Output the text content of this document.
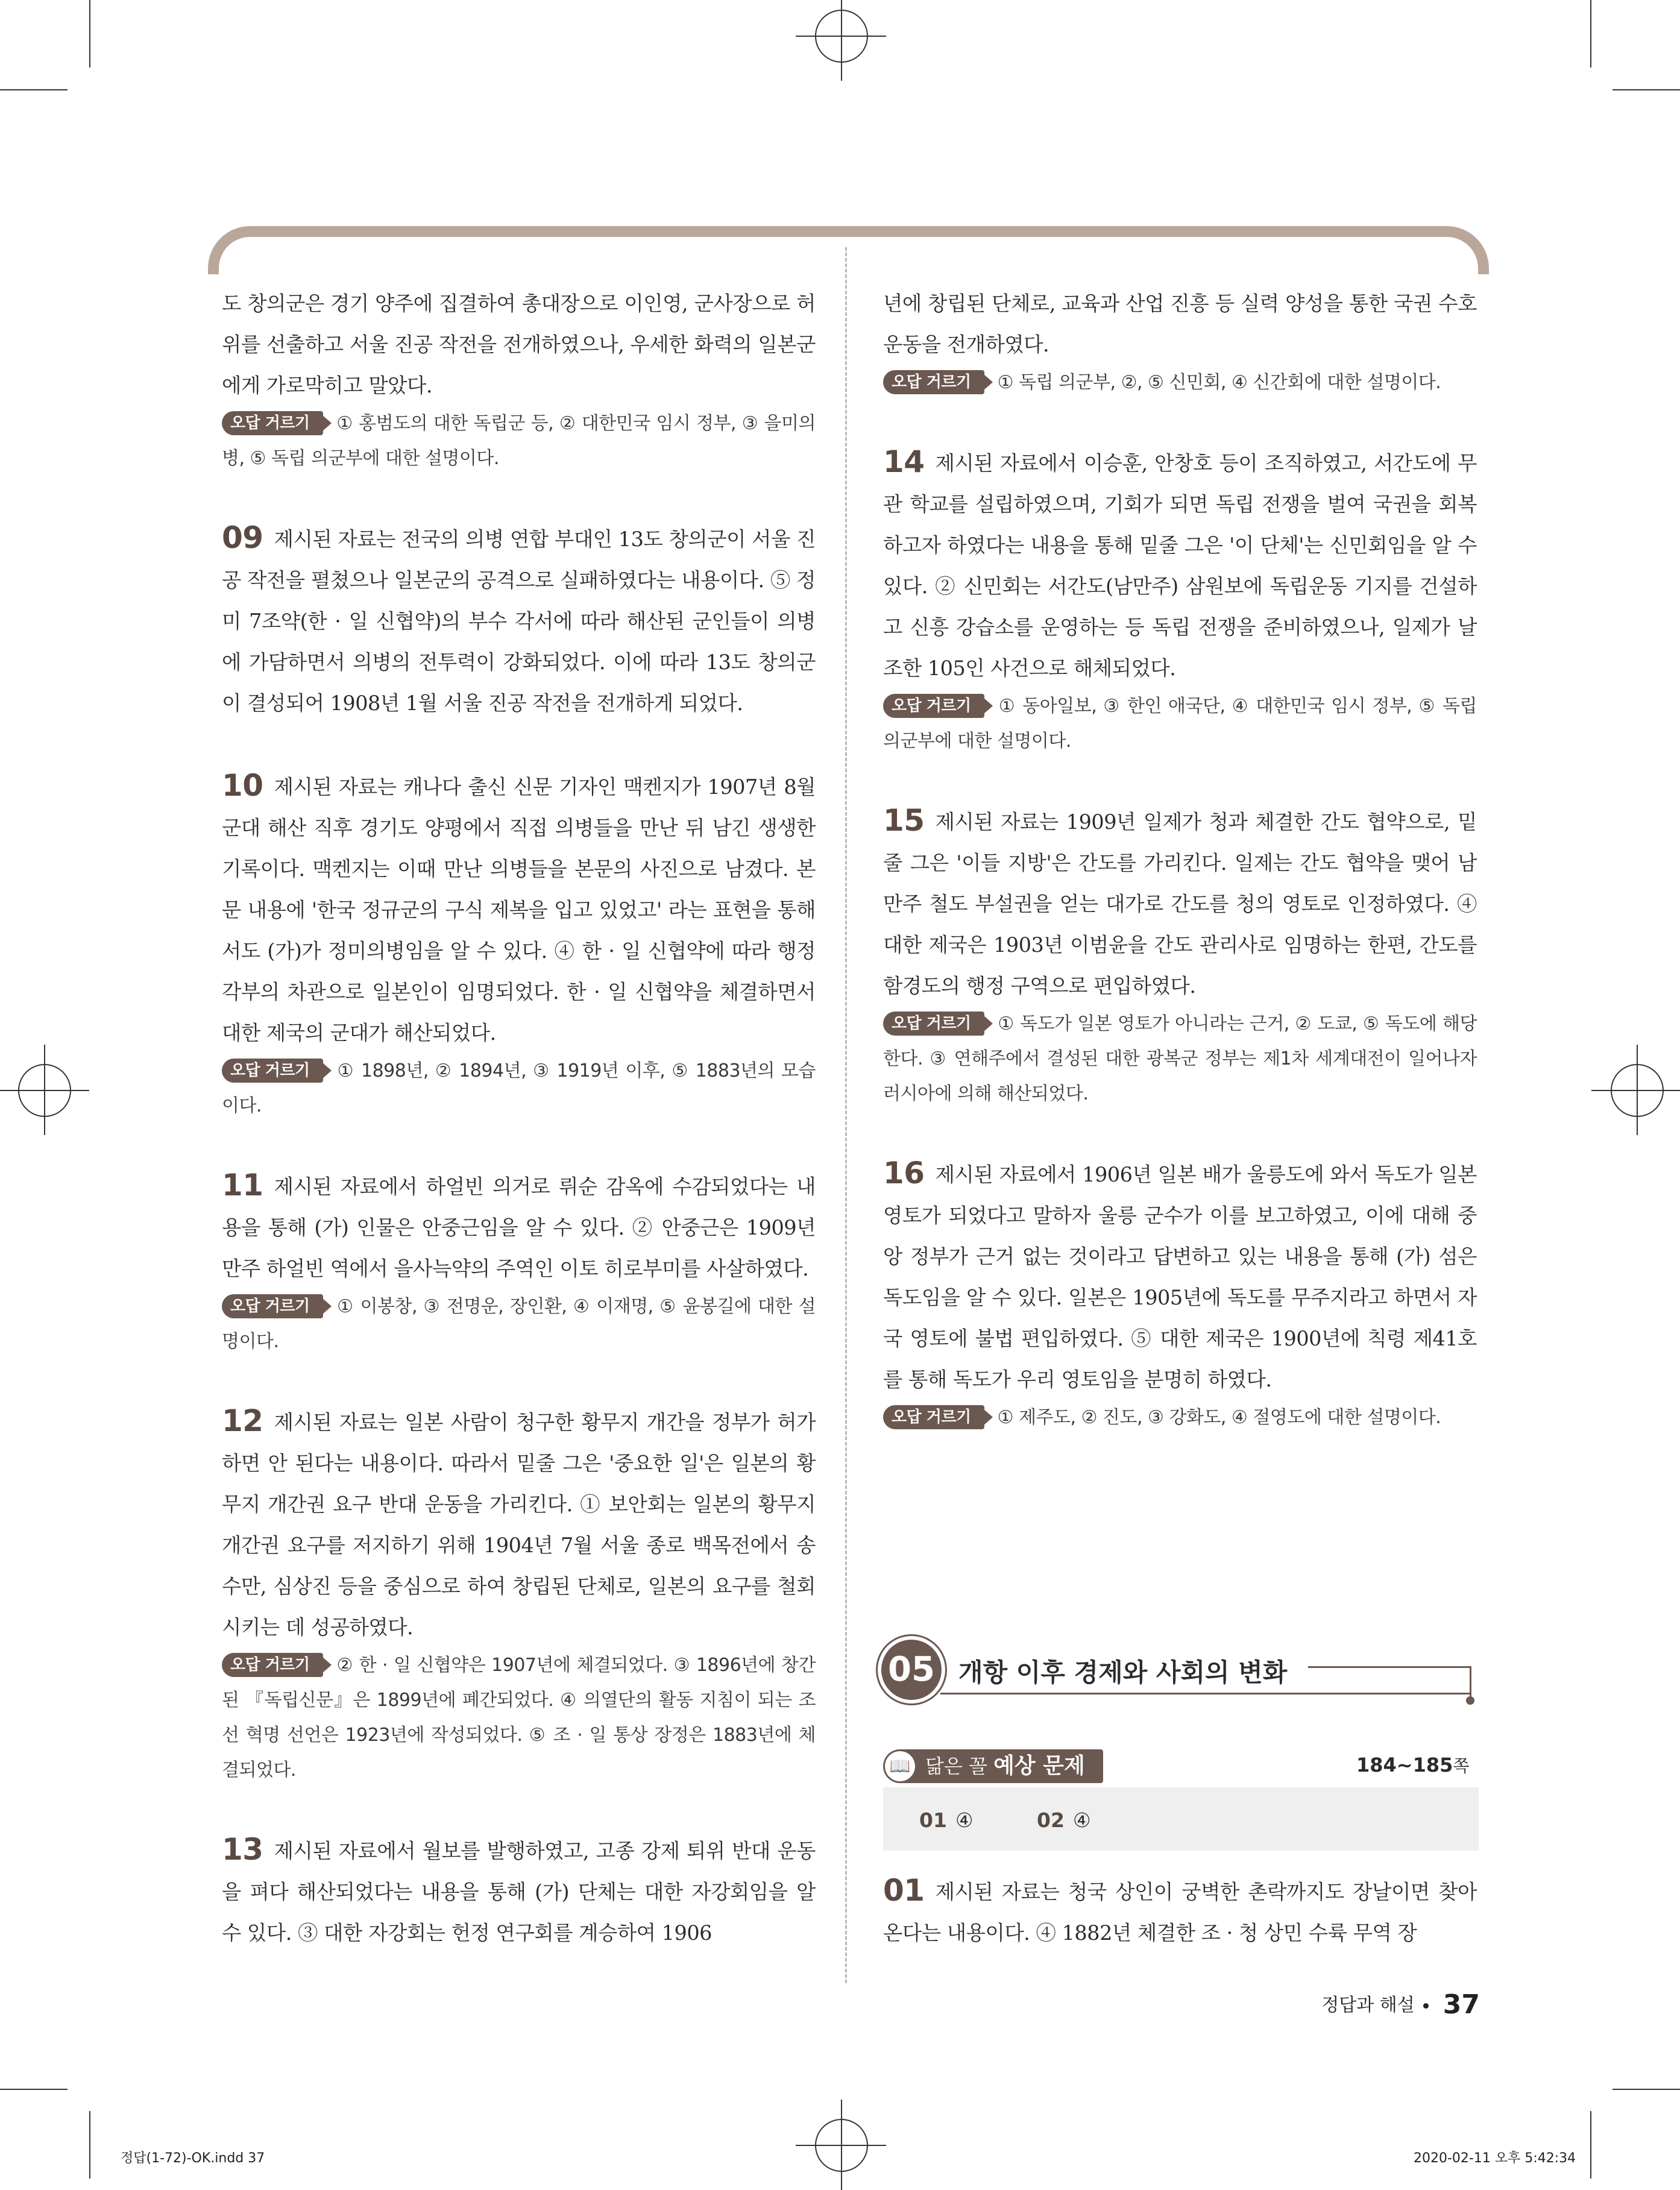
도 창의군은 경기 양주에 집결하여 총대장으로 이인영, 군사장으로 허위를 선출하고 서울 진공 작전을 전개하였으나, 우세한 화력의 일본군에게 가로막히고 말았다.

오답 거르기 ① 홍범도의 대한 독립군 등, ② 대한민국 임시 정부, ③ 을미의병, ⑤ 독립 의군부에 대한 설명이다.

09 제시된 자료는 전국의 의병 연합 부대인 13도 창의군이 서울 진공 작전을 펼쳤으나 일본군의 공격으로 실패하였다는 내용이다. ⑤ 정미 7조약(한 · 일 신협약)의 부수 각서에 따라 해산된 군인들이 의병에 가담하면서 의병의 전투력이 강화되었다. 이에 따라 13도 창의군이 결성되어 1908년 1월 서울 진공 작전을 전개하게 되었다.

10 제시된 자료는 캐나다 출신 신문 기자인 맥켄지가 1907년 8월 군대 해산 직후 경기도 양평에서 직접 의병들을 만난 뒤 남긴 생생한 기록이다. 맥켄지는 이때 만난 의병들을 본문의 사진으로 남겼다. 본문 내용에 '한국 정규군의 구식 제복을 입고 있었고' 라는 표현을 통해서도 (가)가 정미의병임을 알 수 있다. ④ 한 · 일 신협약에 따라 행정 각부의 차관으로 일본인이 임명되었다. 한 · 일 신협약을 체결하면서 대한 제국의 군대가 해산되었다.

오답 거르기 ① 1898년, ② 1894년, ③ 1919년 이후, ⑤ 1883년의 모습이다.

11 제시된 자료에서 하얼빈 의거로 뤼순 감옥에 수감되었다는 내용을 통해 (가) 인물은 안중근임을 알 수 있다. ② 안중근은 1909년 만주 하얼빈 역에서 을사늑약의 주역인 이토 히로부미를 사살하였다.

오답 거르기 ① 이봉창, ③ 전명운, 장인환, ④ 이재명, ⑤ 윤봉길에 대한 설명이다.

12 제시된 자료는 일본 사람이 청구한 황무지 개간을 정부가 허가하면 안 된다는 내용이다. 따라서 밑줄 그은 '중요한 일'은 일본의 황무지 개간권 요구 반대 운동을 가리킨다. ① 보안회는 일본의 황무지 개간권 요구를 저지하기 위해 1904년 7월 서울 종로 백목전에서 송수만, 심상진 등을 중심으로 하여 창립된 단체로, 일본의 요구를 철회시키는 데 성공하였다.

오답 거르기 ② 한 · 일 신협약은 1907년에 체결되었다. ③ 1896년에 창간된 『독립신문』은 1899년에 폐간되었다. ④ 의열단의 활동 지침이 되는 조선 혁명 선언은 1923년에 작성되었다. ⑤ 조 · 일 통상 장정은 1883년에 체결되었다.

13 제시된 자료에서 월보를 발행하였고, 고종 강제 퇴위 반대 운동을 펴다 해산되었다는 내용을 통해 (가) 단체는 대한 자강회임을 알 수 있다. ③ 대한 자강회는 헌정 연구회를 계승하여 1906

년에 창립된 단체로, 교육과 산업 진흥 등 실력 양성을 통한 국권 수호 운동을 전개하였다.

오답 거르기 ① 독립 의군부, ②, ⑤ 신민회, ④ 신간회에 대한 설명이다.

14 제시된 자료에서 이승훈, 안창호 등이 조직하였고, 서간도에 무관 학교를 설립하였으며, 기회가 되면 독립 전쟁을 벌여 국권을 회복하고자 하였다는 내용을 통해 밑줄 그은 '이 단체'는 신민회임을 알 수 있다. ② 신민회는 서간도(남만주) 삼원보에 독립운동 기지를 건설하고 신흥 강습소를 운영하는 등 독립 전쟁을 준비하였으나, 일제가 날조한 105인 사건으로 해체되었다.

오답 거르기 ① 동아일보, ③ 한인 애국단, ④ 대한민국 임시 정부, ⑤ 독립 의군부에 대한 설명이다.

15 제시된 자료는 1909년 일제가 청과 체결한 간도 협약으로, 밑줄 그은 '이들 지방'은 간도를 가리킨다. 일제는 간도 협약을 맺어 남만주 철도 부설권을 얻는 대가로 간도를 청의 영토로 인정하였다. ④ 대한 제국은 1903년 이범윤을 간도 관리사로 임명하는 한편, 간도를 함경도의 행정 구역으로 편입하였다.

오답 거르기 ① 독도가 일본 영토가 아니라는 근거, ② 도쿄, ⑤ 독도에 해당한다. ③ 연해주에서 결성된 대한 광복군 정부는 제1차 세계대전이 일어나자 러시아에 의해 해산되었다.

16 제시된 자료에서 1906년 일본 배가 울릉도에 와서 독도가 일본 영토가 되었다고 말하자 울릉 군수가 이를 보고하였고, 이에 대해 중앙 정부가 근거 없는 것이라고 답변하고 있는 내용을 통해 (가) 섬은 독도임을 알 수 있다. 일본은 1905년에 독도를 무주지라고 하면서 자국 영토에 불법 편입하였다. ⑤ 대한 제국은 1900년에 칙령 제41호를 통해 독도가 우리 영토임을 분명히 하였다.

오답 거르기 ① 제주도, ② 진도, ③ 강화도, ④ 절영도에 대한 설명이다.

05 개항 이후 경제와 사회의 변화
닮은 꼴 예상 문제
📖	184~185쪽
01 ④	02 ④

01 제시된 자료는 청국 상인이 궁벽한 촌락까지도 장날이면 찾아온다는 내용이다. ④ 1882년 체결한 조 · 청 상민 수륙 무역 장

정답과 해설 37
정답(1-72)-OK.indd 37	2020-02-11 오후 5:42:34
